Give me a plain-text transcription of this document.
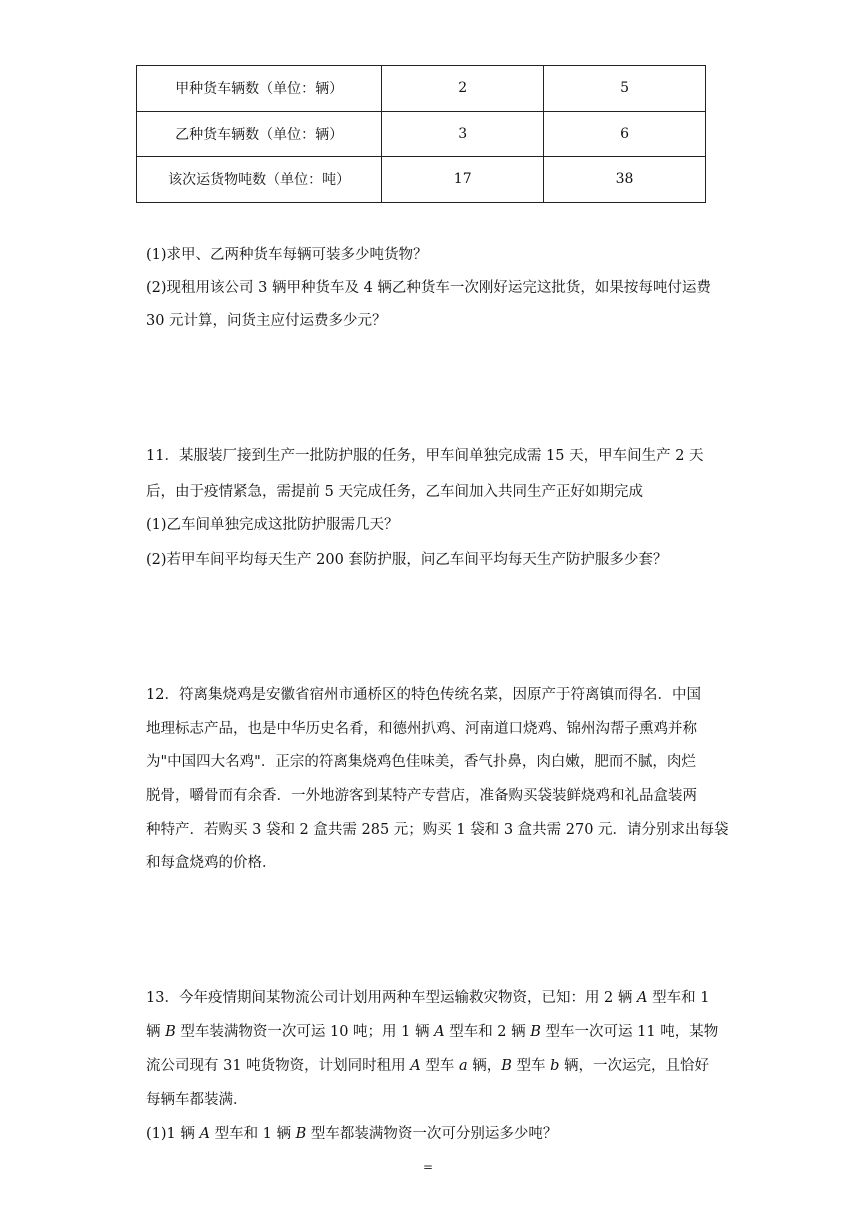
甲种货车辆数（单位：辆）	2	5
乙种货车辆数（单位：辆）	3	6
该次运货物吨数（单位：吨）	17	38
(1)求甲、乙两种货车每辆可装多少吨货物？
(2)现租用该公司 3 辆甲种货车及 4 辆乙种货车一次刚好运完这批货，如果按每吨付运费
30 元计算，问货主应付运费多少元？
11．某服装厂接到生产一批防护服的任务，甲车间单独完成需 15 天，甲车间生产 2 天
后，由于疫情紧急，需提前 5 天完成任务，乙车间加入共同生产正好如期完成
(1)乙车间单独完成这批防护服需几天？
(2)若甲车间平均每天生产 200 套防护服，问乙车间平均每天生产防护服多少套？
12．符离集烧鸡是安徽省宿州市通桥区的特色传统名菜，因原产于符离镇而得名．中国
地理标志产品，也是中华历史名肴，和德州扒鸡、河南道口烧鸡、锦州沟帮子熏鸡并称
为"中国四大名鸡"．正宗的符离集烧鸡色佳味美，香气扑鼻，肉白嫩，肥而不腻，肉烂
脱骨，嚼骨而有余香．一外地游客到某特产专营店，准备购买袋装鲜烧鸡和礼品盒装两
种特产．若购买 3 袋和 2 盒共需 285 元；购买 1 袋和 3 盒共需 270 元．请分别求出每袋
和每盒烧鸡的价格．
13．今年疫情期间某物流公司计划用两种车型运输救灾物资，已知：用 2 辆 A 型车和 1
辆 B 型车装满物资一次可运 10 吨；用 1 辆 A 型车和 2 辆 B 型车一次可运 11 吨，某物
流公司现有 31 吨货物资，计划同时租用 A 型车 a 辆，B 型车 b 辆，一次运完，且恰好
每辆车都装满．
(1)1 辆 A 型车和 1 辆 B 型车都装满物资一次可分别运多少吨？
=
